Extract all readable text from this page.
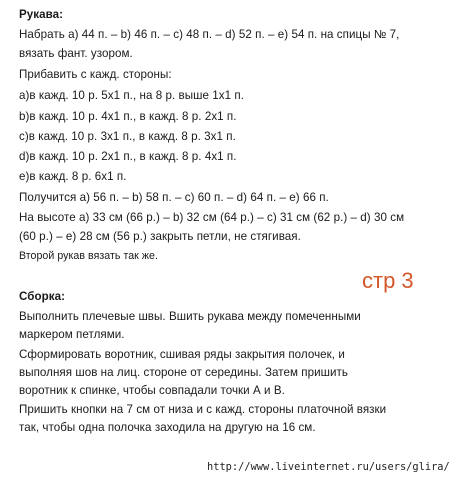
Рукава:
Набрать а) 44 п. – b) 46 п. – с) 48 п. – d) 52 п. – е) 54 п. на спицы № 7,
вязать фант. узором.
Прибавить с кажд. стороны:
а)в кажд. 10 р. 5х1 п., на 8 р. выше 1х1 п.
b)в кажд. 10 р. 4х1 п., в кажд. 8 р. 2х1 п.
с)в кажд. 10 р. 3х1 п., в кажд. 8 р. 3х1 п.
d)в кажд. 10 р. 2х1 п., в кажд. 8 р. 4х1 п.
е)в кажд. 8 р. 6х1 п.
Получится а) 56 п. – b) 58 п. – с) 60 п. – d) 64 п. – е) 66 п.
На высоте а) 33 см (66 р.) – b) 32 см (64 р.) – с) 31 см (62 р.) – d) 30 см
(60 р.) – е) 28 см (56 р.) закрыть петли, не стягивая.
Второй рукав вязать так же.
стр 3
Сборка:
Выполнить плечевые швы. Вшить рукава между помеченными
маркером петлями.
Сформировать воротник, сшивая ряды закрытия полочек, и
выполняя шов на лиц. стороне от середины. Затем пришить
воротник к спинке, чтобы совпадали точки А и В.
Пришить кнопки на 7 см от низа и с кажд. стороны платочной вязки
так, чтобы одна полочка заходила на другую на 16 см.
http://www.liveinternet.ru/users/glira/
